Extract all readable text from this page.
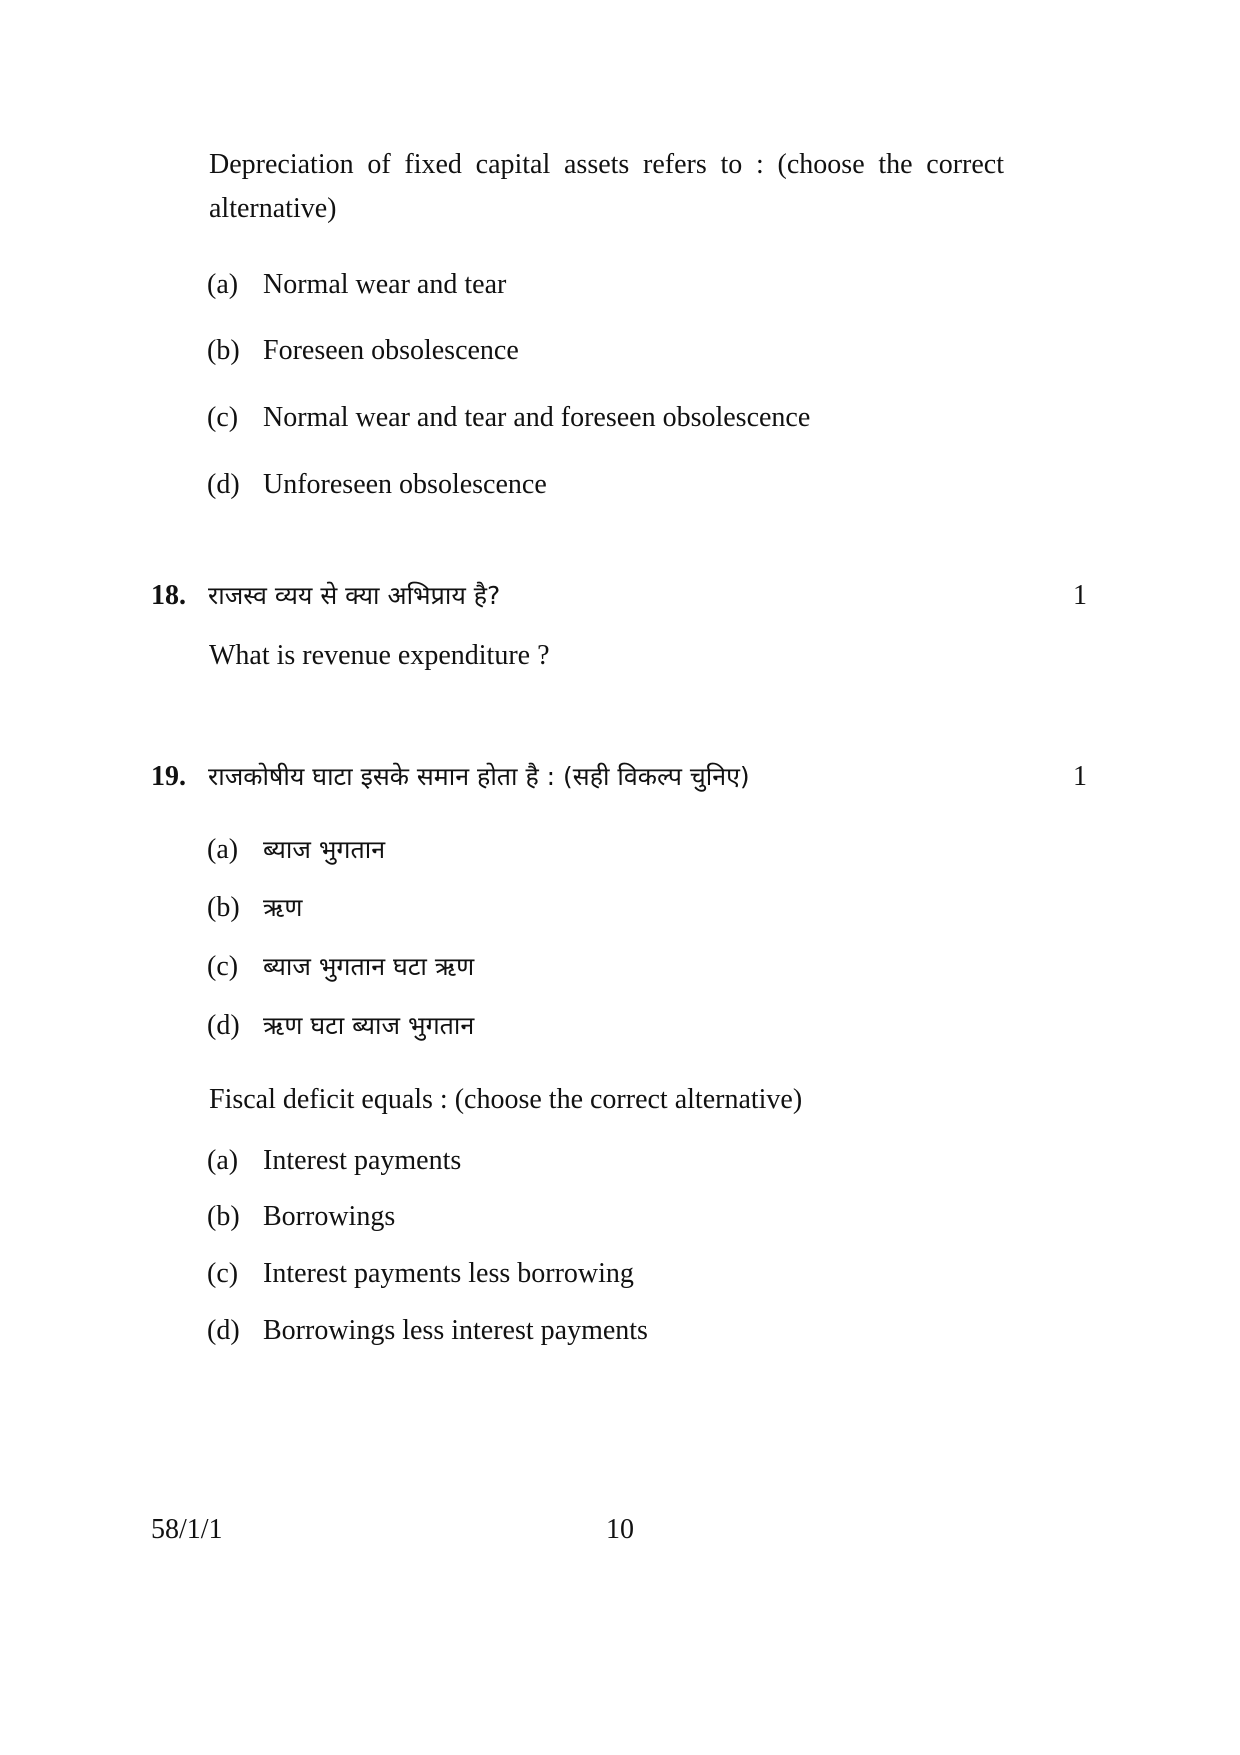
Depreciation of fixed capital assets refers to : (choose the correct alternative)
(a) Normal wear and tear
(b) Foreseen obsolescence
(c) Normal wear and tear and foreseen obsolescence
(d) Unforeseen obsolescence
18. राजस्व व्यय से क्या अभिप्राय है?	1
What is revenue expenditure ?
19. राजकोषीय घाटा इसके समान होता है : (सही विकल्प चुनिए)	1
(a) ब्याज भुगतान
(b) ऋण
(c) ब्याज भुगतान घटा ऋण
(d) ऋण घटा ब्याज भुगतान
Fiscal deficit equals : (choose the correct alternative)
(a) Interest payments
(b) Borrowings
(c) Interest payments less borrowing
(d) Borrowings less interest payments
58/1/1	10
